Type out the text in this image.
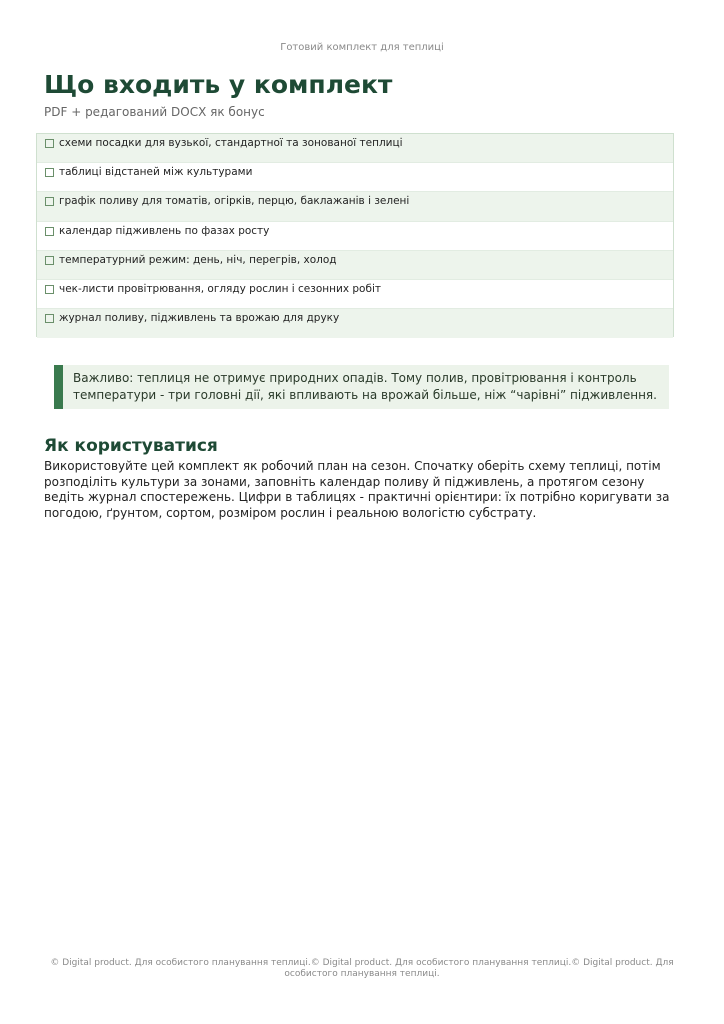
Готовий комплект для теплиці
Що входить у комплект
PDF + редагований DOCX як бонус
схеми посадки для вузької, стандартної та зонованої теплиці
таблиці відстаней між культурами
графік поливу для томатів, огірків, перцю, баклажанів і зелені
календар підживлень по фазах росту
температурний режим: день, ніч, перегрів, холод
чек-листи провітрювання, огляду рослин і сезонних робіт
журнал поливу, підживлень та врожаю для друку
Важливо: теплиця не отримує природних опадів. Тому полив, провітрювання і контроль температури - три головні дії, які впливають на врожай більше, ніж “чарівні” підживлення.
Як користуватися

Використовуйте цей комплект як робочий план на сезон. Спочатку оберіть схему теплиці, потім розподіліть культури за зонами, заповніть календар поливу й підживлень, а протягом сезону ведіть журнал спостережень. Цифри в таблицях - практичні орієнтири: їх потрібно коригувати за погодою, ґрунтом, сортом, розміром рослин і реальною вологістю субстрату.

© Digital product. Для особистого планування теплиці.© Digital product. Для особистого планування теплиці.© Digital product. Для особистого планування теплиці.
